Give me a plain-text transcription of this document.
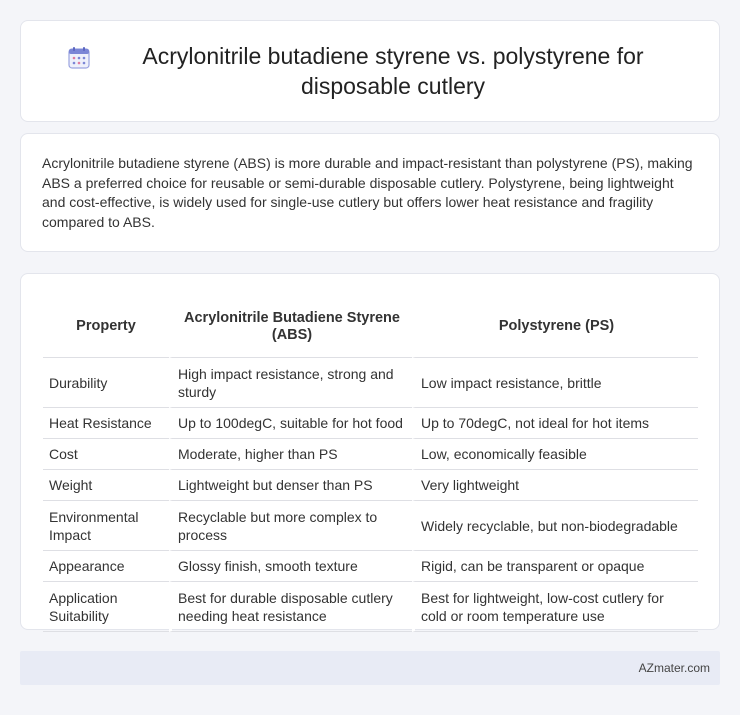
Acrylonitrile butadiene styrene vs. polystyrene for disposable cutlery

Acrylonitrile butadiene styrene (ABS) is more durable and impact-resistant than polystyrene (PS), making ABS a preferred choice for reusable or semi-durable disposable cutlery. Polystyrene, being lightweight and cost-effective, is widely used for single-use cutlery but offers lower heat resistance and fragility compared to ABS.

Property	Acrylonitrile Butadiene Styrene (ABS)	Polystyrene (PS)
Durability	High impact resistance, strong and sturdy	Low impact resistance, brittle
Heat Resistance	Up to 100degC, suitable for hot food	Up to 70degC, not ideal for hot items
Cost	Moderate, higher than PS	Low, economically feasible
Weight	Lightweight but denser than PS	Very lightweight
Environmental Impact	Recyclable but more complex to process	Widely recyclable, but non-biodegradable
Appearance	Glossy finish, smooth texture	Rigid, can be transparent or opaque
Application Suitability	Best for durable disposable cutlery needing heat resistance	Best for lightweight, low-cost cutlery for cold or room temperature use
AZmater.com
